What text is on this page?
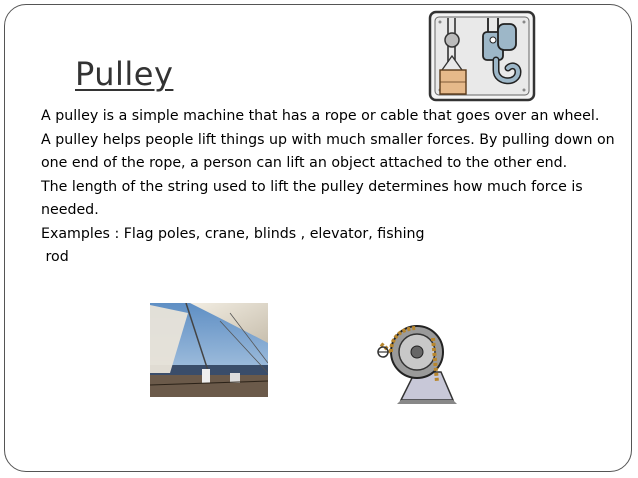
Pulley

A pulley is a simple machine that has a rope or cable that goes over an wheel.

A pulley helps people lift things up with much smaller forces. By pulling down on one end of the rope, a person can lift an object attached to the other end.

The length of the string used to lift the pulley determines how much force is needed.

Examples : Flag poles, crane, blinds , elevator, fishing

rod
